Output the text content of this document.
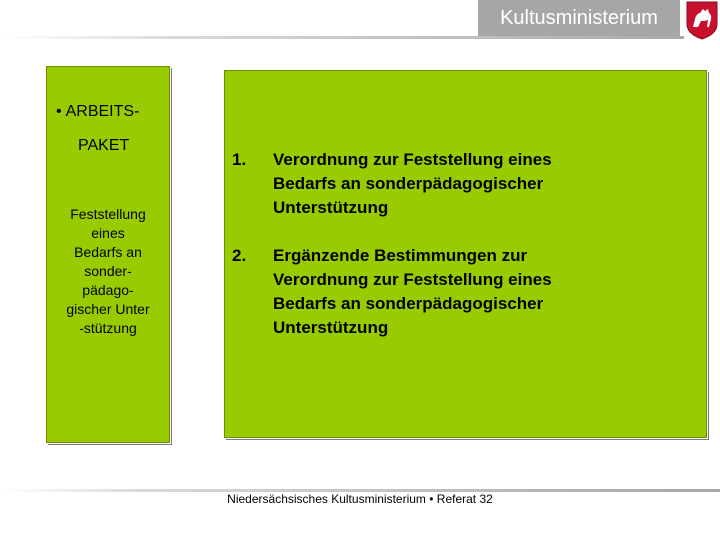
Kultusministerium
• ARBEITS-
PAKET
Feststellung
eines
Bedarfs an
sonder-
pädago-
gischer Unter
-stützung
1. Verordnung zur Feststellung eines
Bedarfs an sonderpädagogischer
Unterstützung
2. Ergänzende Bestimmungen zur
Verordnung zur Feststellung eines
Bedarfs an sonderpädagogischer
Unterstützung
Niedersächsisches Kultusministerium • Referat 32
